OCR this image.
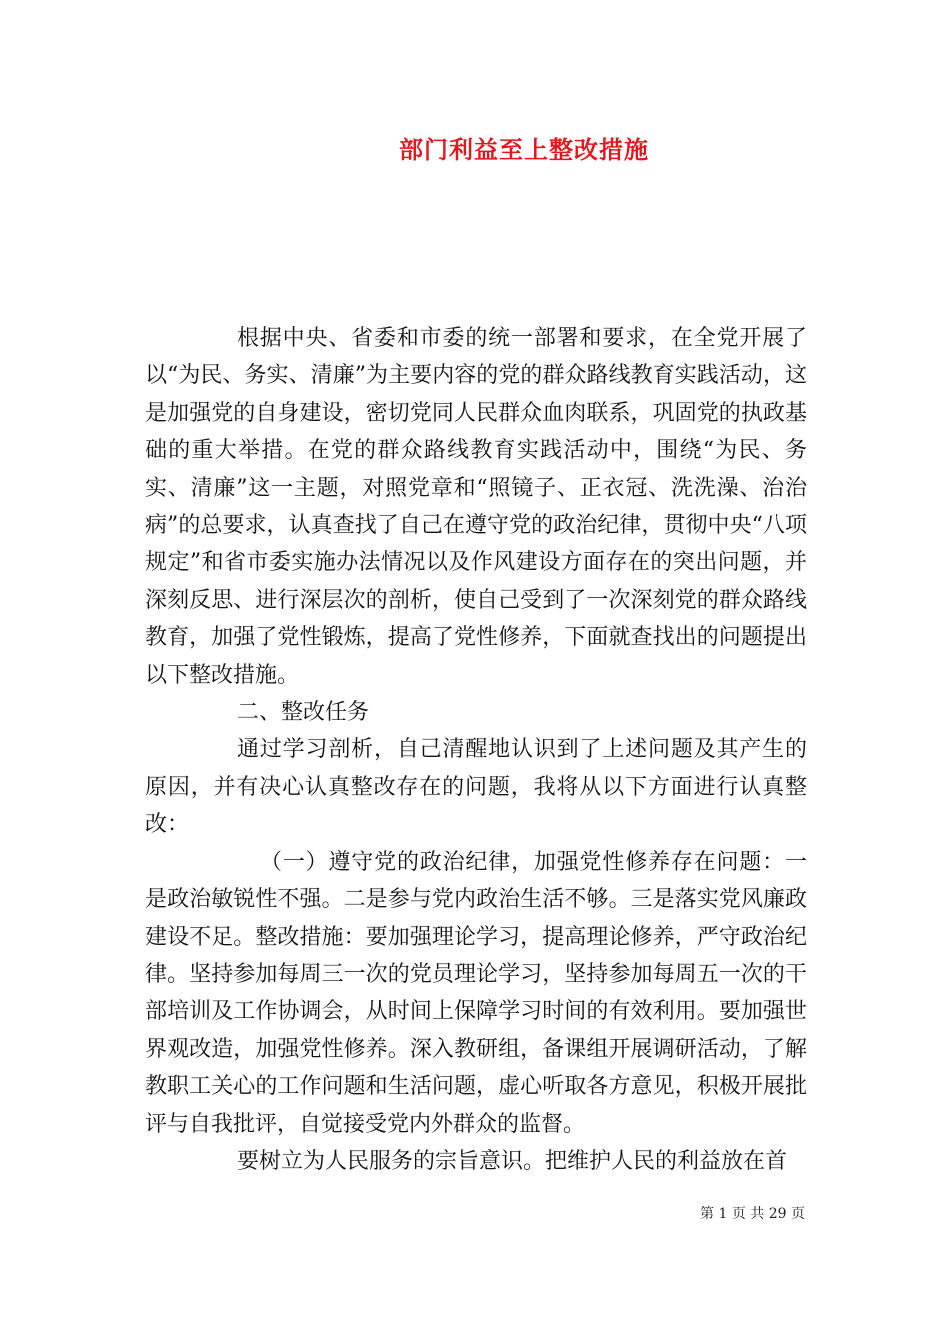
部门利益至上整改措施

根据中央、省委和市委的统一部署和要求，在全党开展了以“为民、务实、清廉”为主要内容的党的群众路线教育实践活动，这是加强党的自身建设，密切党同人民群众血肉联系，巩固党的执政基础的重大举措。在党的群众路线教育实践活动中，围绕“为民、务实、清廉”这一主题，对照党章和“照镜子、正衣冠、洗洗澡、治治病”的总要求，认真查找了自己在遵守党的政治纪律，贯彻中央“八项规定”和省市委实施办法情况以及作风建设方面存在的突出问题，并深刻反思、进行深层次的剖析，使自己受到了一次深刻党的群众路线教育，加强了党性锻炼，提高了党性修养，下面就查找出的问题提出以下整改措施。

二、整改任务

通过学习剖析，自己清醒地认识到了上述问题及其产生的原因，并有决心认真整改存在的问题，我将从以下方面进行认真整改：

（一）遵守党的政治纪律，加强党性修养存在问题：一是政治敏锐性不强。二是参与党内政治生活不够。三是落实党风廉政建设不足。整改措施：要加强理论学习，提高理论修养，严守政治纪律。坚持参加每周三一次的党员理论学习，坚持参加每周五一次的干部培训及工作协调会，从时间上保障学习时间的有效利用。要加强世界观改造，加强党性修养。深入教研组，备课组开展调研活动，了解教职工关心的工作问题和生活问题，虚心听取各方意见，积极开展批评与自我批评，自觉接受党内外群众的监督。

要树立为人民服务的宗旨意识。把维护人民的利益放在首

第 1 页 共 29 页
